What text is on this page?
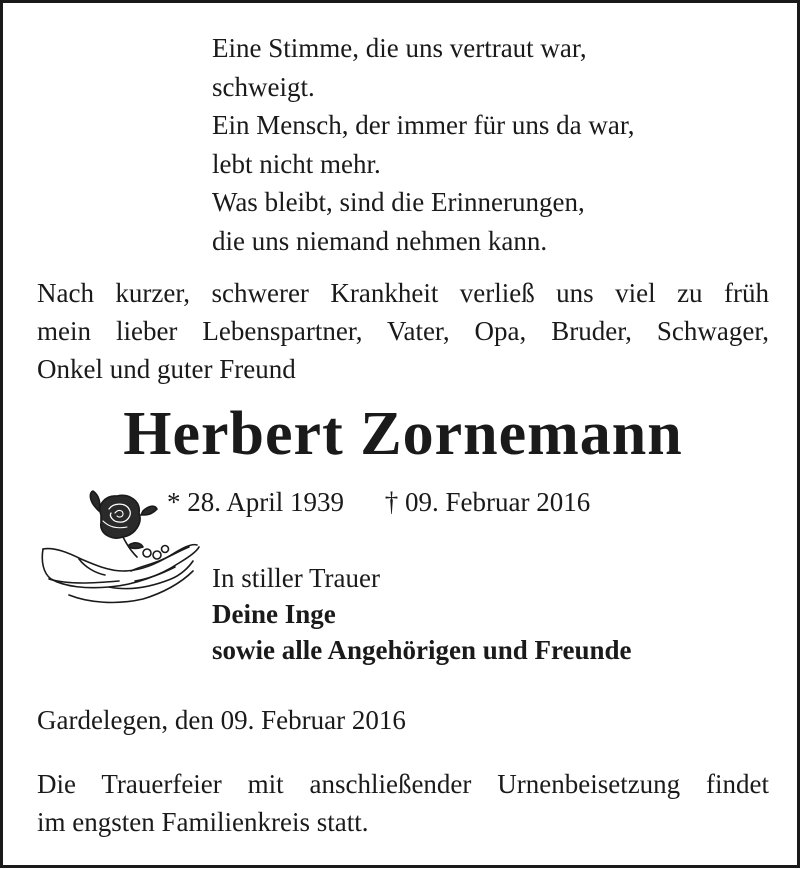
Eine Stimme, die uns vertraut war,
schweigt.
Ein Mensch, der immer für uns da war,
lebt nicht mehr.
Was bleibt, sind die Erinnerungen,
die uns niemand nehmen kann.
Nach kurzer, schwerer Krankheit verließ uns viel zu früh
mein lieber Lebenspartner, Vater, Opa, Bruder, Schwager,
Onkel und guter Freund
Herbert Zornemann
* 28. April 1939 † 09. Februar 2016
In stiller Trauer
Deine Inge
sowie alle Angehörigen und Freunde
Gardelegen, den 09. Februar 2016
Die Trauerfeier mit anschließender Urnenbeisetzung findet
im engsten Familienkreis statt.
